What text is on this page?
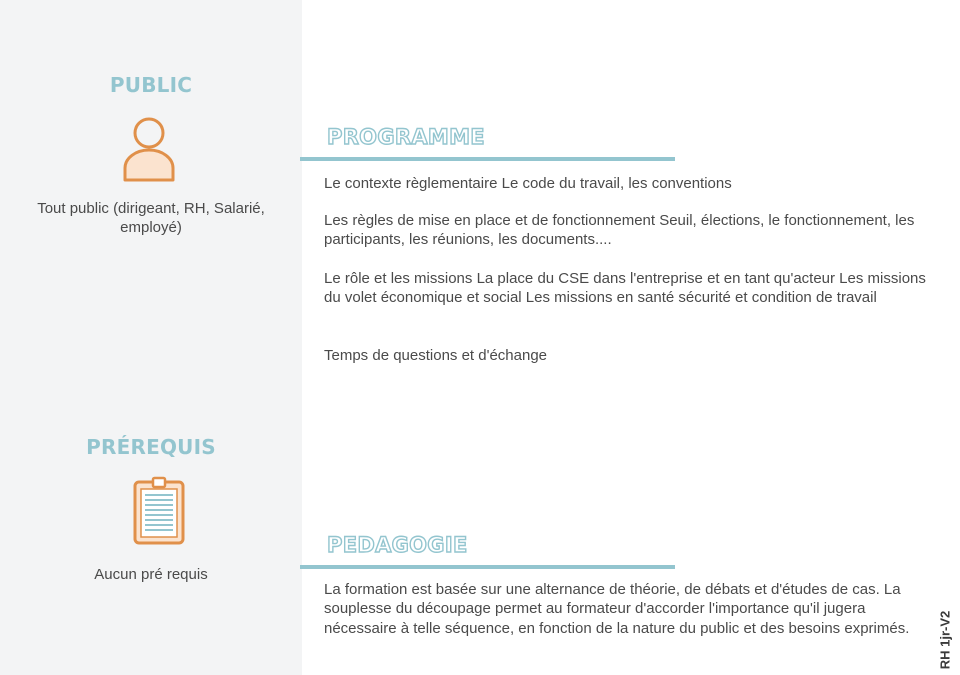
PUBLIC
Tout public (dirigeant, RH, Salarié, employé)
PRÉREQUIS
Aucun pré requis
PROGRAMME

Le contexte règlementaire Le code du travail, les conventions

Les règles de mise en place et de fonctionnement Seuil, élections, le fonctionnement, les participants, les réunions, les documents....

Le rôle et les missions La place du CSE dans l'entreprise et en tant qu'acteur Les missions du volet économique et social Les missions en santé sécurité et condition de travail

Temps de questions et d'échange

PEDAGOGIE

La formation est basée sur une alternance de théorie, de débats et d'études de cas. La souplesse du découpage permet au formateur d'accorder l'importance qu'il jugera nécessaire à telle séquence, en fonction de la nature du public et des besoins exprimés.	RH 1jr-V2
